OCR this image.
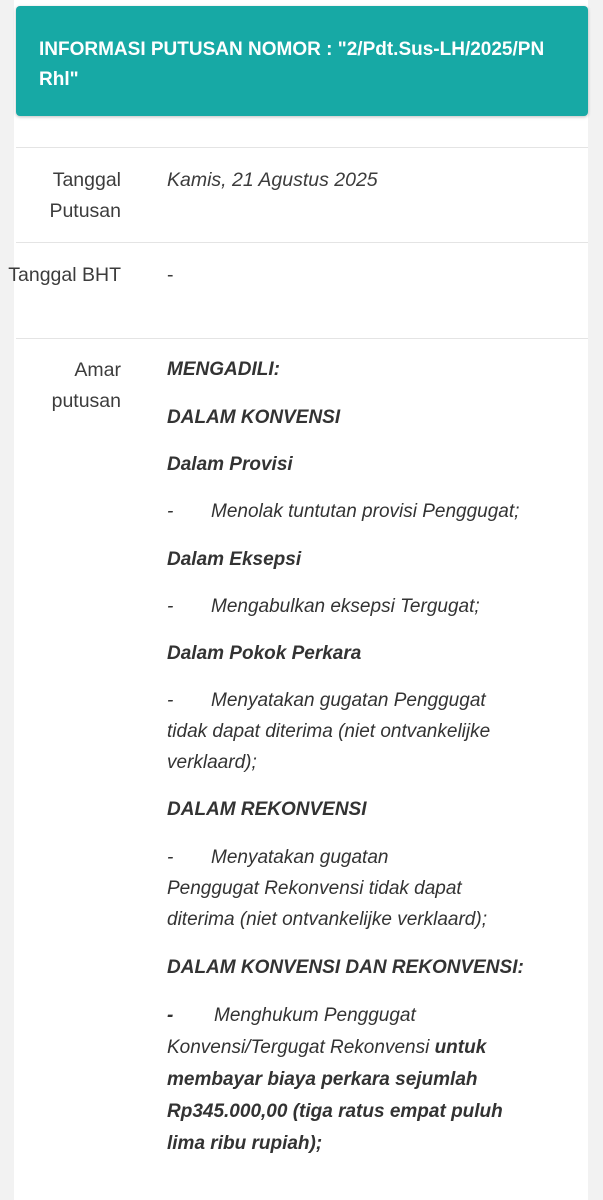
INFORMASI PUTUSAN NOMOR : "2/Pdt.Sus-LH/2025/PN Rhl"
Tanggal Putusan
Kamis, 21 Agustus 2025
Tanggal BHT -
Amar putusan
MENGADILI:
DALAM KONVENSI
Dalam Provisi
- Menolak tuntutan provisi Penggugat;
Dalam Eksepsi
- Mengabulkan eksepsi Tergugat;
Dalam Pokok Perkara
- Menyatakan gugatan Penggugat
tidak dapat diterima (niet ontvankelijke
verklaard);
DALAM REKONVENSI
- Menyatakan gugatan
Penggugat Rekonvensi tidak dapat
diterima (niet ontvankelijke verklaard);
DALAM KONVENSI DAN REKONVENSI:
- Menghukum Penggugat
Konvensi/Tergugat Rekonvensi untuk
membayar biaya perkara sejumlah
Rp345.000,00 (tiga ratus empat puluh
lima ribu rupiah);
